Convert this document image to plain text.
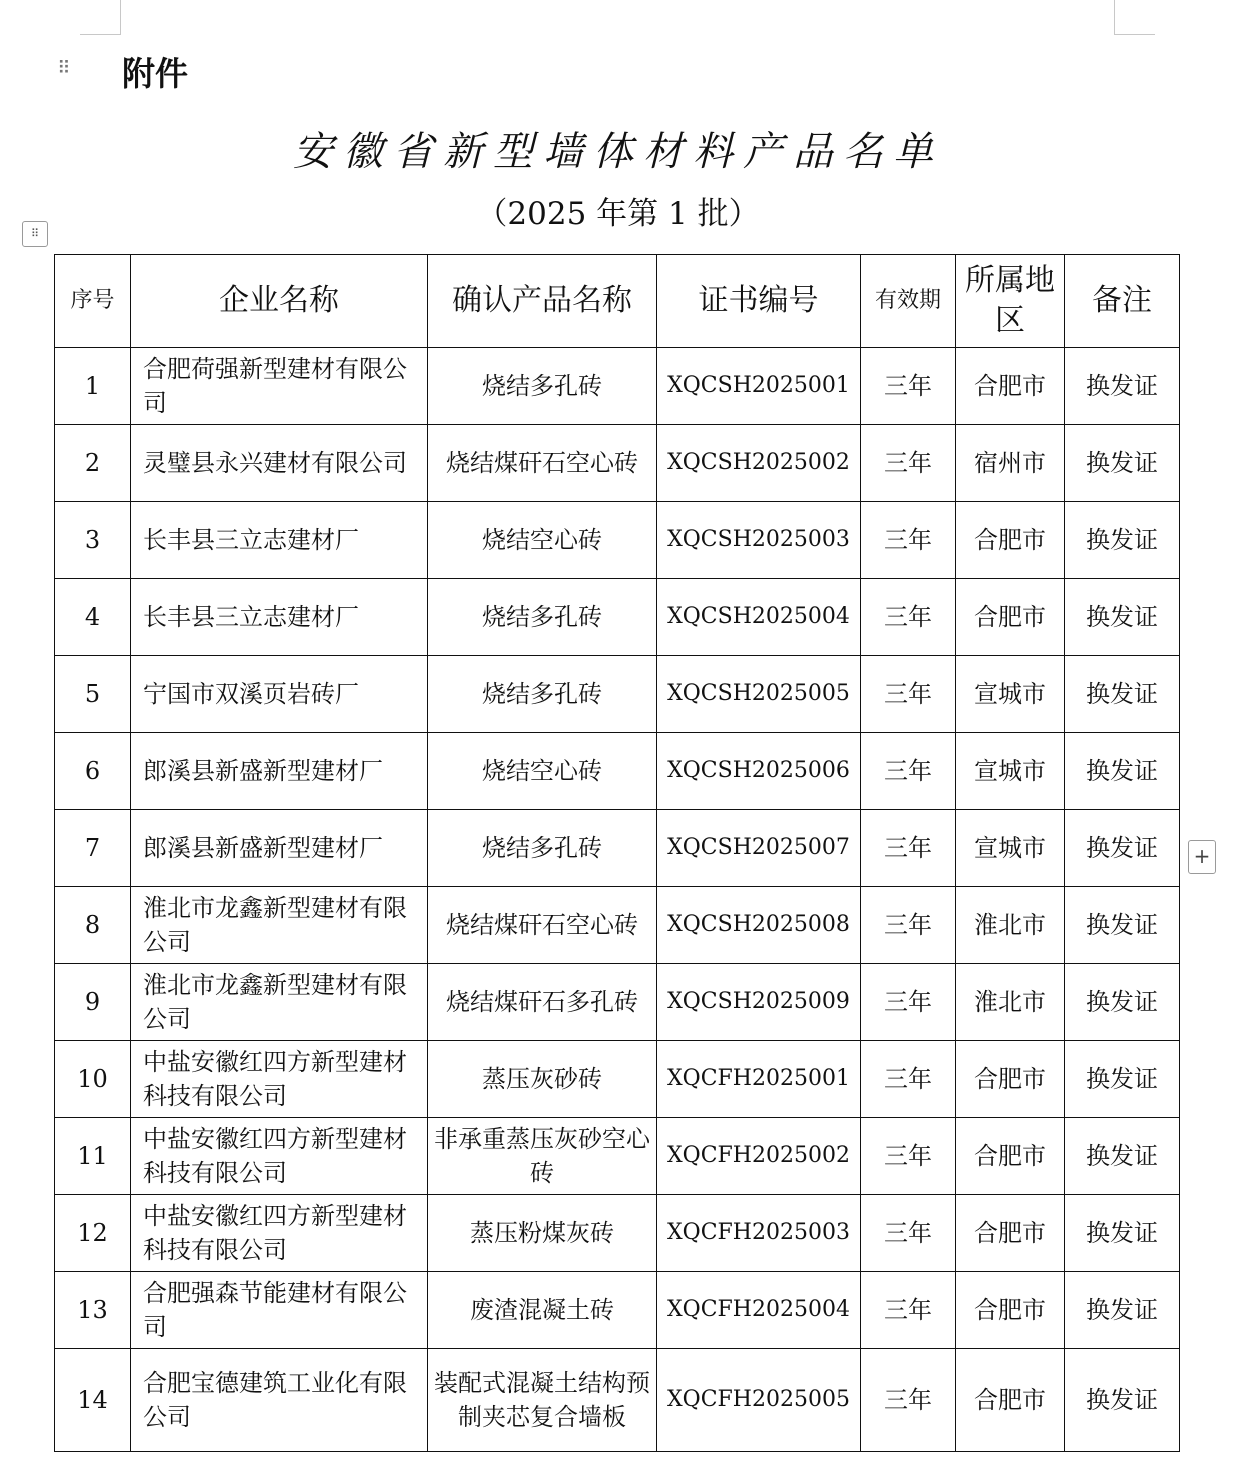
⠿ 附件
安徽省新型墙体材料产品名单
（2025 年第 1 批）
⠿
+
序号	企业名称	确认产品名称	证书编号	有效期	所属地区	备注
1	合肥荷强新型建材有限公司	烧结多孔砖	XQCSH2025001	三年	合肥市	换发证
2	灵璧县永兴建材有限公司	烧结煤矸石空心砖	XQCSH2025002	三年	宿州市	换发证
3	长丰县三立志建材厂	烧结空心砖	XQCSH2025003	三年	合肥市	换发证
4	长丰县三立志建材厂	烧结多孔砖	XQCSH2025004	三年	合肥市	换发证
5	宁国市双溪页岩砖厂	烧结多孔砖	XQCSH2025005	三年	宣城市	换发证
6	郎溪县新盛新型建材厂	烧结空心砖	XQCSH2025006	三年	宣城市	换发证
7	郎溪县新盛新型建材厂	烧结多孔砖	XQCSH2025007	三年	宣城市	换发证
8	淮北市龙鑫新型建材有限公司	烧结煤矸石空心砖	XQCSH2025008	三年	淮北市	换发证
9	淮北市龙鑫新型建材有限公司	烧结煤矸石多孔砖	XQCSH2025009	三年	淮北市	换发证
10	中盐安徽红四方新型建材科技有限公司	蒸压灰砂砖	XQCFH2025001	三年	合肥市	换发证
11	中盐安徽红四方新型建材科技有限公司	非承重蒸压灰砂空心砖	XQCFH2025002	三年	合肥市	换发证
12	中盐安徽红四方新型建材科技有限公司	蒸压粉煤灰砖	XQCFH2025003	三年	合肥市	换发证
13	合肥强森节能建材有限公司	废渣混凝土砖	XQCFH2025004	三年	合肥市	换发证
14	合肥宝德建筑工业化有限公司	装配式混凝土结构预制夹芯复合墙板	XQCFH2025005	三年	合肥市	换发证
